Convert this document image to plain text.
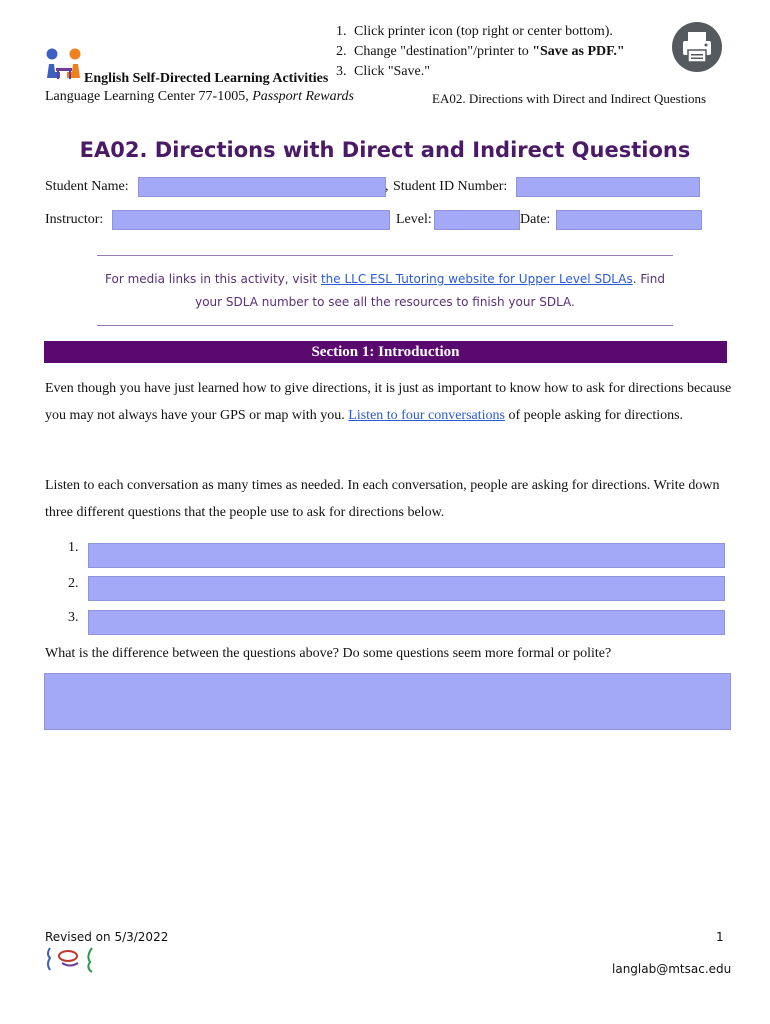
1. Click printer icon (top right or center bottom).
2. Change "destination"/printer to "Save as PDF."
3. Click "Save."
English Self-Directed Learning Activities
Language Learning Center 77-1005, Passport Rewards	EA02. Directions with Direct and Indirect Questions
EA02. Directions with Direct and Indirect Questions
Student Name:	, Student ID Number:
Instructor:	Level:	Date:
For media links in this activity, visit the LLC ESL Tutoring website for Upper Level SDLAs. Find your SDLA number to see all the resources to finish your SDLA.
Section 1: Introduction
Even though you have just learned how to give directions, it is just as important to know how to ask for directions because you may not always have your GPS or map with you. Listen to four conversations of people asking for directions.
Listen to each conversation as many times as needed. In each conversation, people are asking for directions. Write down three different questions that the people use to ask for directions below.
1.
2.
3.
What is the difference between the questions above? Do some questions seem more formal or polite?
Revised on 5/3/2022	1
langlab@mtsac.edu
